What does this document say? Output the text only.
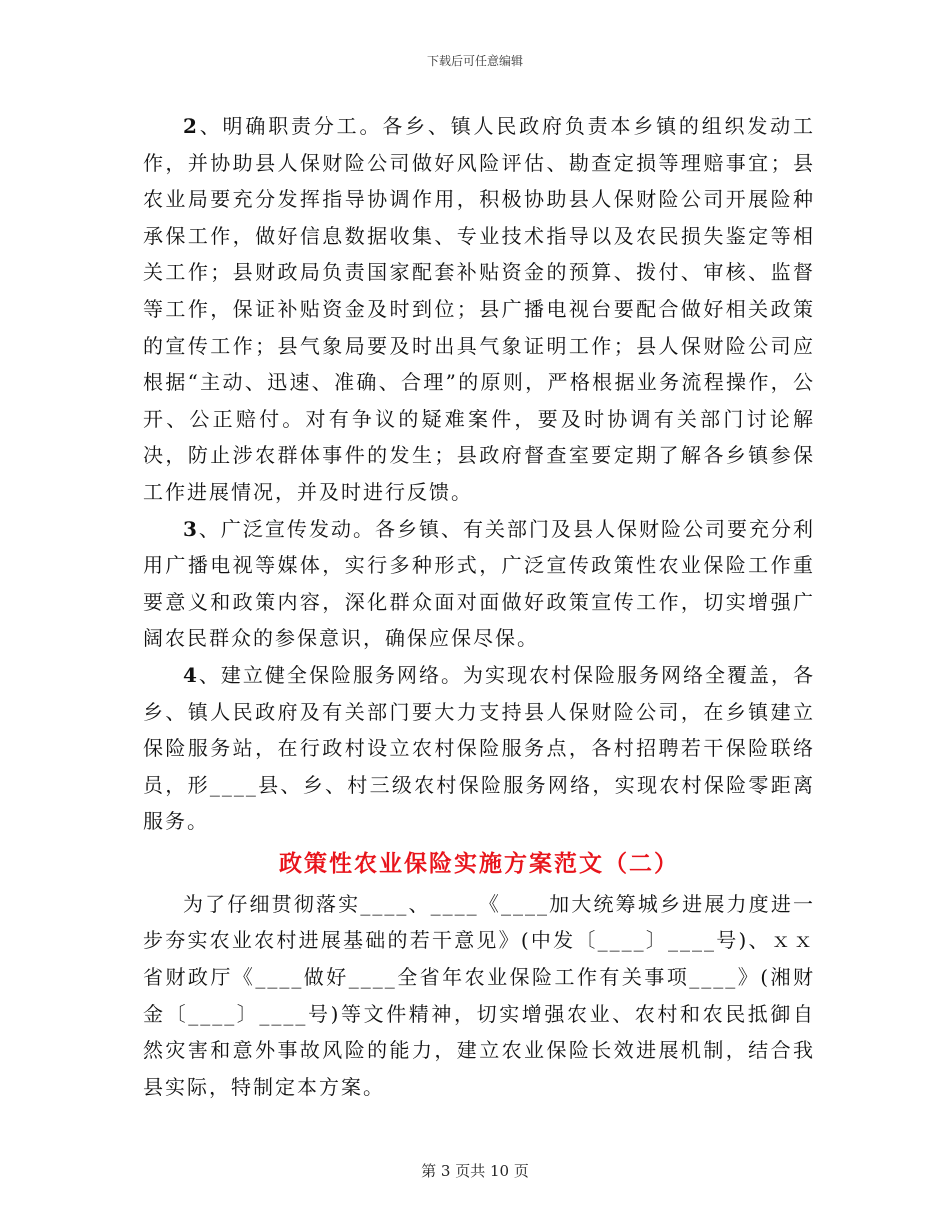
下载后可任意编辑

2、明确职责分工。各乡、镇人民政府负责本乡镇的组织发动工作，并协助县人保财险公司做好风险评估、勘查定损等理赔事宜；县农业局要充分发挥指导协调作用，积极协助县人保财险公司开展险种承保工作，做好信息数据收集、专业技术指导以及农民损失鉴定等相关工作；县财政局负责国家配套补贴资金的预算、拨付、审核、监督等工作，保证补贴资金及时到位；县广播电视台要配合做好相关政策的宣传工作；县气象局要及时出具气象证明工作；县人保财险公司应根据“主动、迅速、准确、合理”的原则，严格根据业务流程操作，公开、公正赔付。对有争议的疑难案件，要及时协调有关部门讨论解决，防止涉农群体事件的发生；县政府督查室要定期了解各乡镇参保工作进展情况，并及时进行反馈。

3、广泛宣传发动。各乡镇、有关部门及县人保财险公司要充分利用广播电视等媒体，实行多种形式，广泛宣传政策性农业保险工作重要意义和政策内容，深化群众面对面做好政策宣传工作，切实增强广阔农民群众的参保意识，确保应保尽保。

4、建立健全保险服务网络。为实现农村保险服务网络全覆盖，各乡、镇人民政府及有关部门要大力支持县人保财险公司，在乡镇建立保险服务站，在行政村设立农村保险服务点，各村招聘若干保险联络员，形____县、乡、村三级农村保险服务网络，实现农村保险零距离服务。

政策性农业保险实施方案范文（二）

为了仔细贯彻落实____、____《____加大统筹城乡进展力度进一步夯实农业农村进展基础的若干意见》(中发〔____〕____号)、ｘｘ省财政厅《____做好____全省年农业保险工作有关事项____》(湘财金〔____〕____号)等文件精神，切实增强农业、农村和农民抵御自然灾害和意外事故风险的能力，建立农业保险长效进展机制，结合我县实际，特制定本方案。

第 3 页共 10 页
